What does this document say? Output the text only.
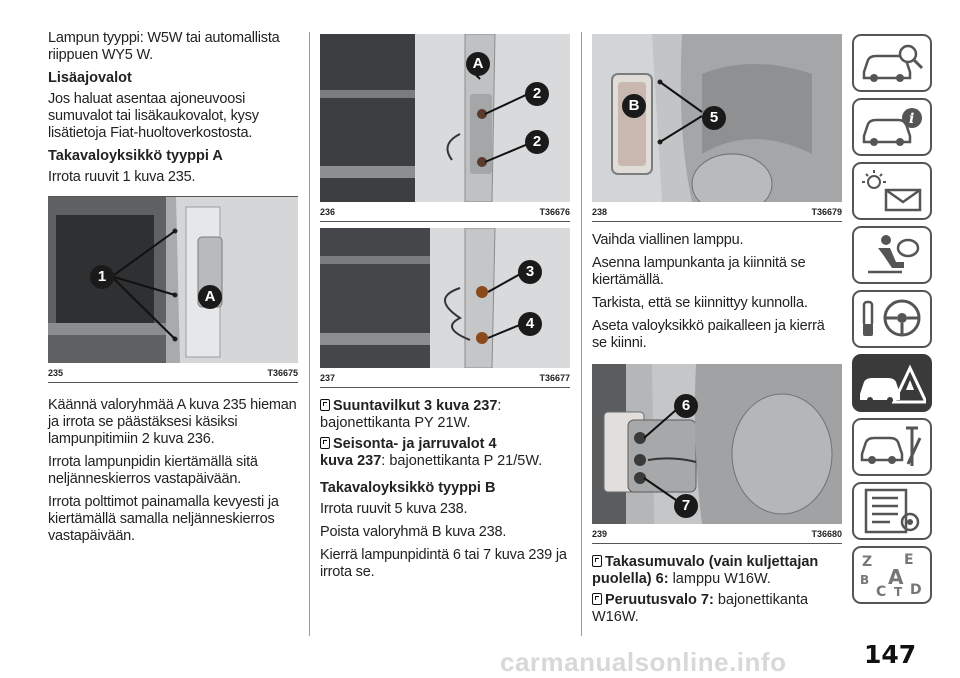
Lampun tyyppi: W5W tai automallista riippuen WY5 W.

Lisäajovalot

Jos haluat asentaa ajoneuvoosi sumuvalot tai lisäkaukovalot, kysy lisätietoja Fiat-huoltoverkostosta.

Takavaloyksikkö tyyppi A

Irrota ruuvit 1 kuva 235.

1
A
235	T36675

Käännä valoryhmää A kuva 235 hieman ja irrota se päästäksesi käsiksi lampunpitimiin 2 kuva 236.

Irrota lampunpidin kiertämällä sitä neljänneskierros vastapäivään.

Irrota polttimot painamalla kevyesti ja kiertämällä samalla neljänneskierros vastapäivään.

A
2
2
236	T36676
3
4
237	T36677
Suuntavilkut 3 kuva 237:
bajonettikanta PY 21W.
Seisonta- ja jarruvalot 4
kuva 237: bajonettikanta P 21/5W.
Takavaloyksikkö tyyppi B

Irrota ruuvit 5 kuva 238.

Poista valoryhmä B kuva 238.

Kierrä lampunpidintä 6 tai 7 kuva 239 ja irrota se.

B
5
238	T36679

Vaihda viallinen lamppu.

Asenna lampunkanta ja kiinnitä se kiertämällä.

Tarkista, että se kiinnittyy kunnolla.

Aseta valoyksikkö paikalleen ja kierrä se kiinni.

6
7
239	T36680
Takasumuvalo (vain kuljettajan puolella) 6: lamppu W16W.
Peruutusvalo 7: bajonettikanta
W16W.
i
Z E
B
C
A
T D
carmanualsonline.info	147
